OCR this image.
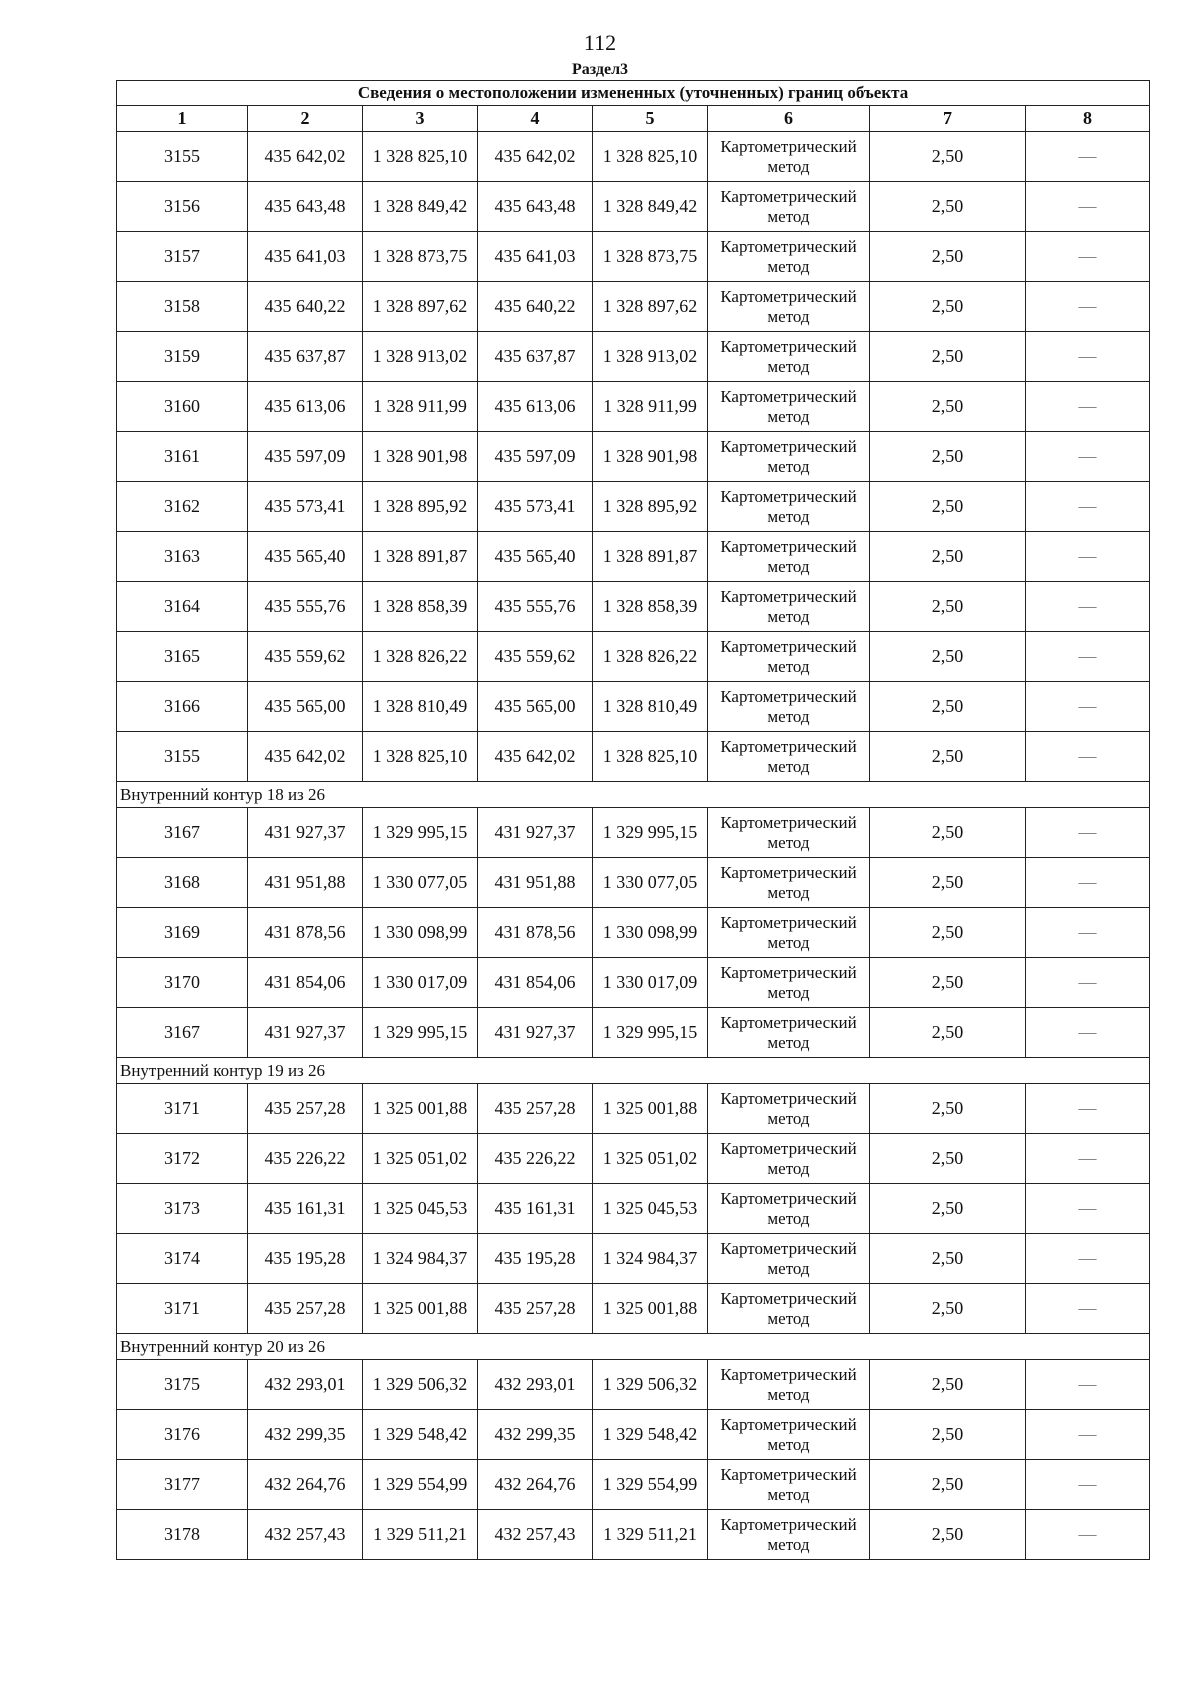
112
Раздел3
Сведения о местоположении измененных (уточненных) границ объекта							
1	2	3	4	5	6	7	8
3155	435 642,02	1 328 825,10	435 642,02	1 328 825,10	Картометрический метод	2,50	—
3156	435 643,48	1 328 849,42	435 643,48	1 328 849,42	Картометрический метод	2,50	—
3157	435 641,03	1 328 873,75	435 641,03	1 328 873,75	Картометрический метод	2,50	—
3158	435 640,22	1 328 897,62	435 640,22	1 328 897,62	Картометрический метод	2,50	—
3159	435 637,87	1 328 913,02	435 637,87	1 328 913,02	Картометрический метод	2,50	—
3160	435 613,06	1 328 911,99	435 613,06	1 328 911,99	Картометрический метод	2,50	—
3161	435 597,09	1 328 901,98	435 597,09	1 328 901,98	Картометрический метод	2,50	—
3162	435 573,41	1 328 895,92	435 573,41	1 328 895,92	Картометрический метод	2,50	—
3163	435 565,40	1 328 891,87	435 565,40	1 328 891,87	Картометрический метод	2,50	—
3164	435 555,76	1 328 858,39	435 555,76	1 328 858,39	Картометрический метод	2,50	—
3165	435 559,62	1 328 826,22	435 559,62	1 328 826,22	Картометрический метод	2,50	—
3166	435 565,00	1 328 810,49	435 565,00	1 328 810,49	Картометрический метод	2,50	—
3155	435 642,02	1 328 825,10	435 642,02	1 328 825,10	Картометрический метод	2,50	—
Внутренний контур 18 из 26							
3167	431 927,37	1 329 995,15	431 927,37	1 329 995,15	Картометрический метод	2,50	—
3168	431 951,88	1 330 077,05	431 951,88	1 330 077,05	Картометрический метод	2,50	—
3169	431 878,56	1 330 098,99	431 878,56	1 330 098,99	Картометрический метод	2,50	—
3170	431 854,06	1 330 017,09	431 854,06	1 330 017,09	Картометрический метод	2,50	—
3167	431 927,37	1 329 995,15	431 927,37	1 329 995,15	Картометрический метод	2,50	—
Внутренний контур 19 из 26							
3171	435 257,28	1 325 001,88	435 257,28	1 325 001,88	Картометрический метод	2,50	—
3172	435 226,22	1 325 051,02	435 226,22	1 325 051,02	Картометрический метод	2,50	—
3173	435 161,31	1 325 045,53	435 161,31	1 325 045,53	Картометрический метод	2,50	—
3174	435 195,28	1 324 984,37	435 195,28	1 324 984,37	Картометрический метод	2,50	—
3171	435 257,28	1 325 001,88	435 257,28	1 325 001,88	Картометрический метод	2,50	—
Внутренний контур 20 из 26							
3175	432 293,01	1 329 506,32	432 293,01	1 329 506,32	Картометрический метод	2,50	—
3176	432 299,35	1 329 548,42	432 299,35	1 329 548,42	Картометрический метод	2,50	—
3177	432 264,76	1 329 554,99	432 264,76	1 329 554,99	Картометрический метод	2,50	—
3178	432 257,43	1 329 511,21	432 257,43	1 329 511,21	Картометрический метод	2,50	—
